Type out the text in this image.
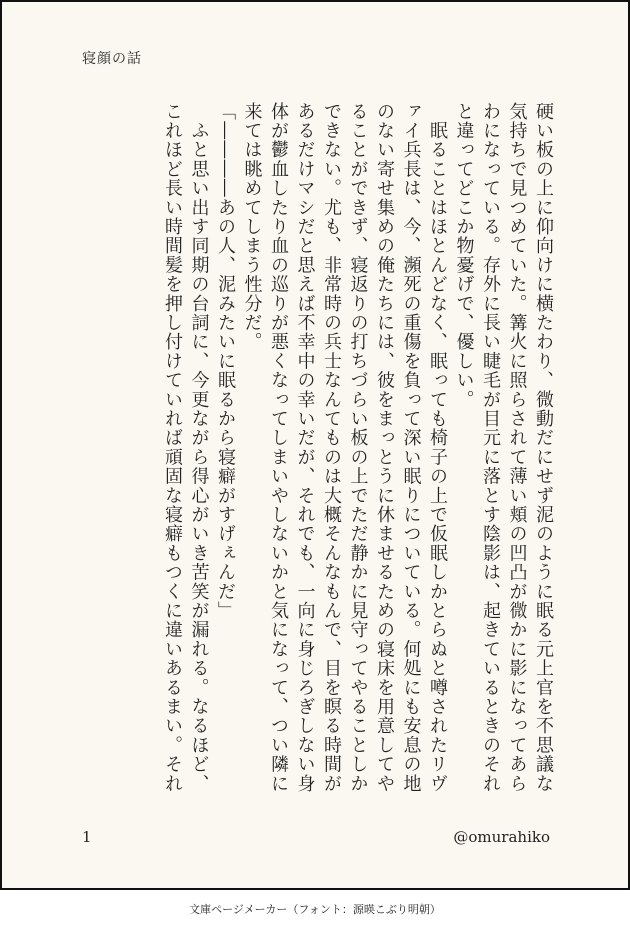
寝顔の話

硬い板の上に仰向けに横たわり、微動だにせず泥のように眠る元上官を不思議な気持ちで見つめていた。篝火に照らされて薄い頬の凹凸が微かに影になってあらわになっている。存外に長い睫毛が目元に落とす陰影は、起きているときのそれと違ってどこか物憂げで、優しい。

　眠ることはほとんどなく、眠っても椅子の上で仮眠しかとらぬと噂されたリヴァイ兵長は、今、瀕死の重傷を負って深い眠りについている。何処にも安息の地のない寄せ集めの俺たちには、彼をまっとうに休ませるための寝床を用意してやることができず、寝返りの打ちづらい板の上でただ静かに見守ってやることしかできない。尤も、非常時の兵士なんてものは大概そんなもんで、目を瞑る時間があるだけマシだと思えば不幸中の幸いだが、それでも、一向に身じろぎしない身体が鬱血したり血の巡りが悪くなってしまいやしないかと気になって、つい隣に来ては眺めてしまう性分だ。

「――――あの人、泥みたいに眠るから寝癖がすげぇんだ」

　ふと思い出す同期の台詞に、今更ながら得心がいき苦笑が漏れる。なるほど、これほど長い時間髪を押し付けていれば頑固な寝癖もつくに違いあるまい。それ

1	@omurahiko
文庫ページメーカー（フォント：源暎こぶり明朝）
